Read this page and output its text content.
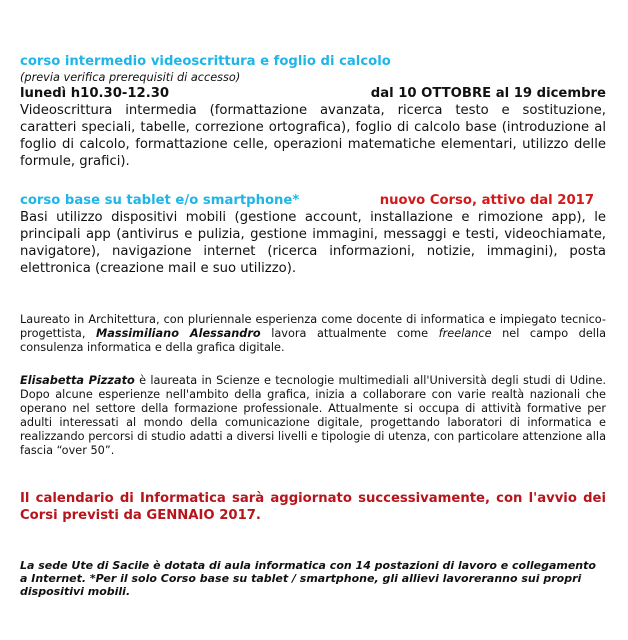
corso intermedio videoscrittura e foglio di calcolo
(previa verifica prerequisiti di accesso)
lunedì h10.30-12.30	dal 10 OTTOBRE al 19 dicembre

Videoscrittura intermedia (formattazione avanzata, ricerca testo e sostituzione, caratteri speciali, tabelle, correzione ortografica), foglio di calcolo base (introduzione al foglio di calcolo, formattazione celle, operazioni matematiche elementari, utilizzo delle formule, grafici).

corso base su tablet e/o smartphone*	nuovo Corso, attivo dal 2017

Basi utilizzo dispositivi mobili (gestione account, installazione e rimozione app), le principali app (antivirus e pulizia, gestione immagini, messaggi e testi, videochiamate, navigatore), navigazione internet (ricerca informazioni, notizie, immagini), posta elettronica (creazione mail e suo utilizzo).

Laureato in Architettura, con pluriennale esperienza come docente di informatica e impiegato tecnico-progettista, Massimiliano Alessandro lavora attualmente come freelance nel campo della consulenza informatica e della grafica digitale.

Elisabetta Pizzato è laureata in Scienze e tecnologie multimediali all'Università degli studi di Udine. Dopo alcune esperienze nell'ambito della grafica, inizia a collaborare con varie realtà nazionali che operano nel settore della formazione professionale. Attualmente si occupa di attività formative per adulti interessati al mondo della comunicazione digitale, progettando laboratori di informatica e realizzando percorsi di studio adatti a diversi livelli e tipologie di utenza, con particolare attenzione alla fascia “over 50”.

Il calendario di Informatica sarà aggiornato successivamente, con l'avvio dei Corsi previsti da GENNAIO 2017.

La sede Ute di Sacile è dotata di aula informatica con 14 postazioni di lavoro e collegamento a Internet. *Per il solo Corso base su tablet / smartphone, gli allievi lavoreranno sui propri dispositivi mobili.
